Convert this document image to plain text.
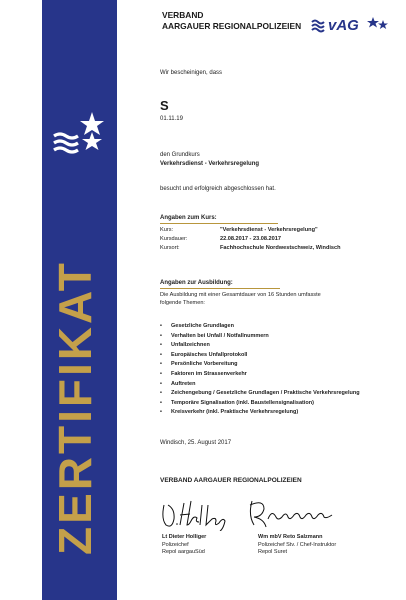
ZERTIFIKAT
VERBAND
AARGAUER REGIONALPOLIZEIEN vAG
Wir bescheinigen, dass
S
01.11.19
den Grundkurs
Verkehrsdienst - Verkehrsregelung
besucht und erfolgreich abgeschlossen hat.
Angaben zum Kurs:
Kurs:	"Verkehrsdienst - Verkehrsregelung"
Kursdauer:	22.08.2017 - 23.08.2017
Kursort:	Fachhochschule Nordwestschweiz, Windisch
Angaben zur Ausbildung:
Die Ausbildung mit einer Gesamtdauer von 16 Stunden umfasste
folgende Themen:
• Gesetzliche Grundlagen
• Verhalten bei Unfall / Notfallnummern
• Unfallzeichnen
• Europäisches Unfallprotokoll
• Persönliche Vorbereitung
• Faktoren im Strassenverkehr
• Auftreten
• Zeichengebung / Gesetzliche Grundlagen / Praktische Verkehrsregelung
• Temporäre Signalisation (inkl. Baustellensignalisation)
• Kreisverkehr (inkl. Praktische Verkehrsregelung)
Windisch, 25. August 2017
VERBAND AARGAUER REGIONALPOLIZEIEN
Lt Dieter Holliger
Polizeichef
Repol aargauSüd
Wm mbV Reto Salzmann
Polizeichef Stv. / Chef-Instruktor
Repol Suret
